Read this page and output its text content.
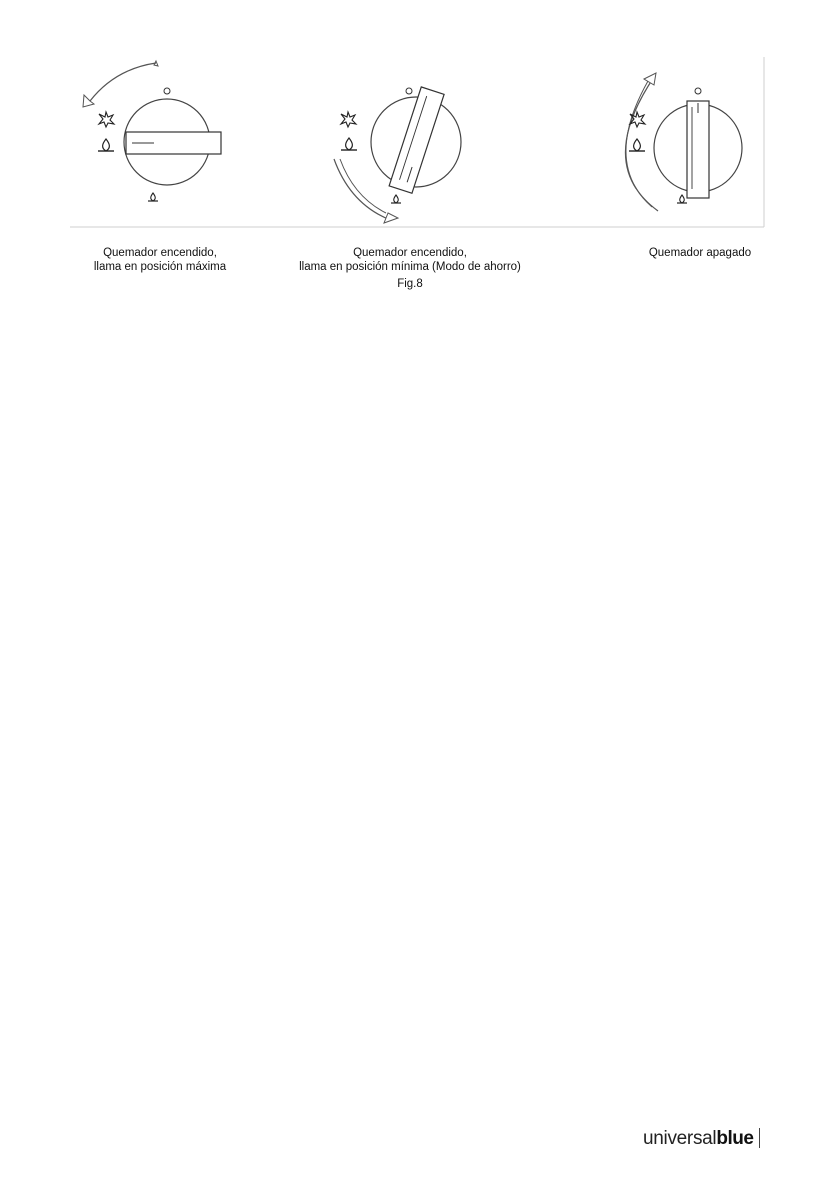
Quemador encendido,
llama en posición máxima
Quemador encendido,
llama en posición mínima (Modo de ahorro)
Quemador apagado
Fig.8
universal blue
